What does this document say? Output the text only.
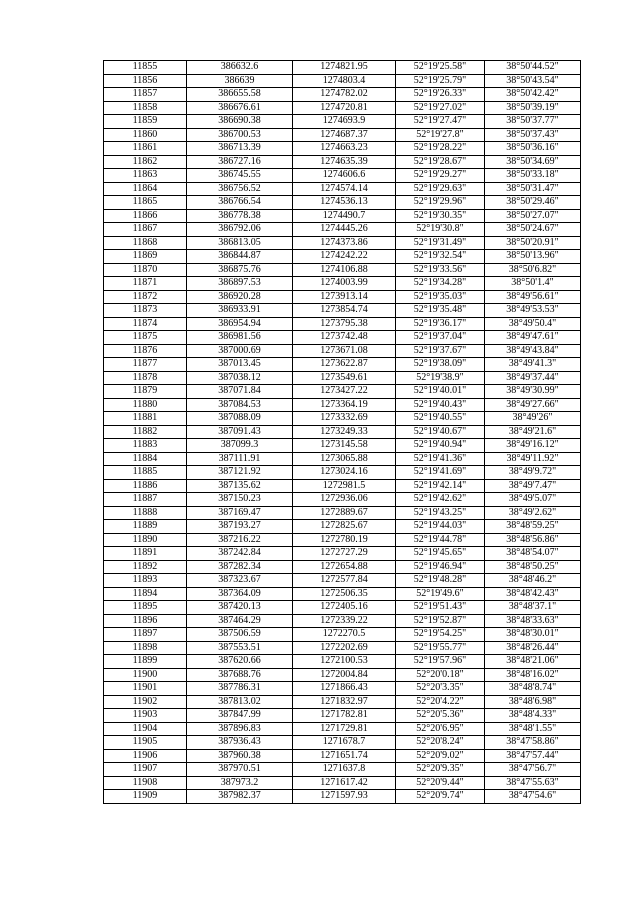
11855	386632.6	1274821.95	52°19'25.58"	38°50'44.52"
11856	386639	1274803.4	52°19'25.79"	38°50'43.54"
11857	386655.58	1274782.02	52°19'26.33"	38°50'42.42"
11858	386676.61	1274720.81	52°19'27.02"	38°50'39.19"
11859	386690.38	1274693.9	52°19'27.47"	38°50'37.77"
11860	386700.53	1274687.37	52°19'27.8"	38°50'37.43"
11861	386713.39	1274663.23	52°19'28.22"	38°50'36.16"
11862	386727.16	1274635.39	52°19'28.67"	38°50'34.69"
11863	386745.55	1274606.6	52°19'29.27"	38°50'33.18"
11864	386756.52	1274574.14	52°19'29.63"	38°50'31.47"
11865	386766.54	1274536.13	52°19'29.96"	38°50'29.46"
11866	386778.38	1274490.7	52°19'30.35"	38°50'27.07"
11867	386792.06	1274445.26	52°19'30.8"	38°50'24.67"
11868	386813.05	1274373.86	52°19'31.49"	38°50'20.91"
11869	386844.87	1274242.22	52°19'32.54"	38°50'13.96"
11870	386875.76	1274106.88	52°19'33.56"	38°50'6.82"
11871	386897.53	1274003.99	52°19'34.28"	38°50'1.4"
11872	386920.28	1273913.14	52°19'35.03"	38°49'56.61"
11873	386933.91	1273854.74	52°19'35.48"	38°49'53.53"
11874	386954.94	1273795.38	52°19'36.17"	38°49'50.4"
11875	386981.56	1273742.48	52°19'37.04"	38°49'47.61"
11876	387000.69	1273671.08	52°19'37.67"	38°49'43.84"
11877	387013.45	1273622.87	52°19'38.09"	38°49'41.3"
11878	387038.12	1273549.61	52°19'38.9"	38°49'37.44"
11879	387071.84	1273427.22	52°19'40.01"	38°49'30.99"
11880	387084.53	1273364.19	52°19'40.43"	38°49'27.66"
11881	387088.09	1273332.69	52°19'40.55"	38°49'26"
11882	387091.43	1273249.33	52°19'40.67"	38°49'21.6"
11883	387099.3	1273145.58	52°19'40.94"	38°49'16.12"
11884	387111.91	1273065.88	52°19'41.36"	38°49'11.92"
11885	387121.92	1273024.16	52°19'41.69"	38°49'9.72"
11886	387135.62	1272981.5	52°19'42.14"	38°49'7.47"
11887	387150.23	1272936.06	52°19'42.62"	38°49'5.07"
11888	387169.47	1272889.67	52°19'43.25"	38°49'2.62"
11889	387193.27	1272825.67	52°19'44.03"	38°48'59.25"
11890	387216.22	1272780.19	52°19'44.78"	38°48'56.86"
11891	387242.84	1272727.29	52°19'45.65"	38°48'54.07"
11892	387282.34	1272654.88	52°19'46.94"	38°48'50.25"
11893	387323.67	1272577.84	52°19'48.28"	38°48'46.2"
11894	387364.09	1272506.35	52°19'49.6"	38°48'42.43"
11895	387420.13	1272405.16	52°19'51.43"	38°48'37.1"
11896	387464.29	1272339.22	52°19'52.87"	38°48'33.63"
11897	387506.59	1272270.5	52°19'54.25"	38°48'30.01"
11898	387553.51	1272202.69	52°19'55.77"	38°48'26.44"
11899	387620.66	1272100.53	52°19'57.96"	38°48'21.06"
11900	387688.76	1272004.84	52°20'0.18"	38°48'16.02"
11901	387786.31	1271866.43	52°20'3.35"	38°48'8.74"
11902	387813.02	1271832.97	52°20'4.22"	38°48'6.98"
11903	387847.99	1271782.81	52°20'5.36"	38°48'4.33"
11904	387896.83	1271729.81	52°20'6.95"	38°48'1.55"
11905	387936.43	1271678.7	52°20'8.24"	38°47'58.86"
11906	387960.38	1271651.74	52°20'9.02"	38°47'57.44"
11907	387970.51	1271637.8	52°20'9.35"	38°47'56.7"
11908	387973.2	1271617.42	52°20'9.44"	38°47'55.63"
11909	387982.37	1271597.93	52°20'9.74"	38°47'54.6"
